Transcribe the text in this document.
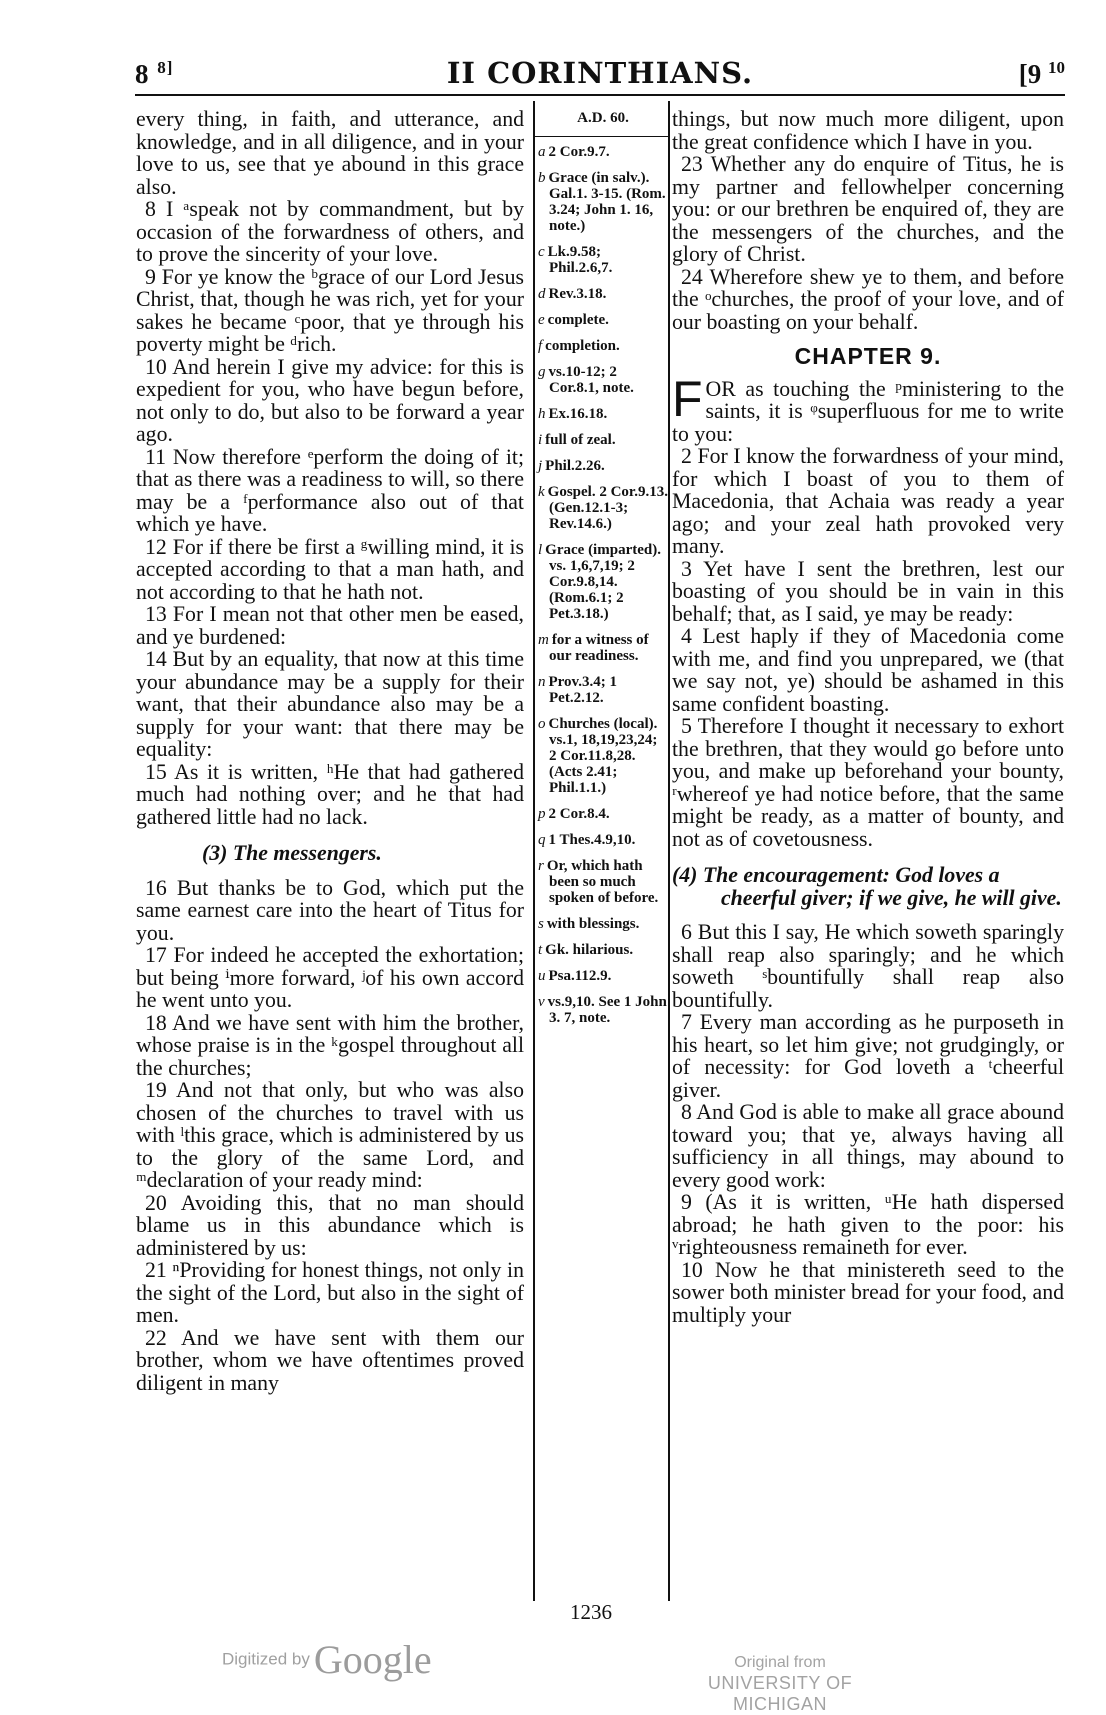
8 $^{8]}$	II CORINTHIANS.	[9 $^{10}$

every thing, in faith, and utterance, and knowledge, and in all diligence, and in your love to us, see that ye abound in this grace also.

8 I ᵃspeak not by commandment, but by occasion of the forwardness of others, and to prove the sincerity of your love.

9 For ye know the ᵇgrace of our Lord Jesus Christ, that, though he was rich, yet for your sakes he became ᶜpoor, that ye through his poverty might be ᵈrich.

10 And herein I give my advice: for this is expedient for you, who have begun before, not only to do, but also to be forward a year ago.

11 Now therefore ᵉperform the doing of it; that as there was a readiness to will, so there may be a ᶠperformance also out of that which ye have.

12 For if there be first a ᵍwilling mind, it is accepted according to that a man hath, and not according to that he hath not.

13 For I mean not that other men be eased, and ye burdened:

14 But by an equality, that now at this time your abundance may be a supply for their want, that their abundance also may be a supply for your want: that there may be equality:

15 As it is written, ʰHe that had gathered much had nothing over; and he that had gathered little had no lack.

(3) The messengers.

16 But thanks be to God, which put the same earnest care into the heart of Titus for you.

17 For indeed he accepted the exhortation; but being ⁱmore forward, ʲof his own accord he went unto you.

18 And we have sent with him the brother, whose praise is in the ᵏgospel throughout all the churches;

19 And not that only, but who was also chosen of the churches to travel with us with ˡthis grace, which is administered by us to the glory of the same Lord, and ᵐdeclaration of your ready mind:

20 Avoiding this, that no man should blame us in this abundance which is administered by us:

21 ⁿProviding for honest things, not only in the sight of the Lord, but also in the sight of men.

22 And we have sent with them our brother, whom we have oftentimes proved diligent in many

A.D. 60.
a 2 Cor.9.7.
b Grace (in salv.). Gal.1. 3-15. (Rom. 3.24; John 1. 16, note.)
c Lk.9.58; Phil.2.6,7.
d Rev.3.18.
e complete.
f completion.
g vs.10-12; 2 Cor.8.1, note.
h Ex.16.18.
i full of zeal.
j Phil.2.26.
k Gospel. 2 Cor.9.13. (Gen.12.1-3; Rev.14.6.)
l Grace (imparted). vs. 1,6,7,19; 2 Cor.9.8,14. (Rom.6.1; 2 Pet.3.18.)
m for a witness of our readiness.
n Prov.3.4; 1 Pet.2.12.
o Churches (local). vs.1, 18,19,23,24; 2 Cor.11.8,28. (Acts 2.41; Phil.1.1.)
p 2 Cor.8.4.
q 1 Thes.4.9,10.
r Or, which hath been so much spoken of before.
s with blessings.
t Gk. hilarious.
u Psa.112.9.
v vs.9,10. See 1 John 3. 7, note.

things, but now much more diligent, upon the great confidence which I have in you.

23 Whether any do enquire of Titus, he is my partner and fellowhelper concerning you: or our brethren be enquired of, they are the messengers of the churches, and the glory of Christ.

24 Wherefore shew ye to them, and before the ᵒchurches, the proof of your love, and of our boasting on your behalf.

CHAPTER 9.

FOR as touching the ᵖministering to the saints, it is ᵠsuperfluous for me to write to you:

2 For I know the forwardness of your mind, for which I boast of you to them of Macedonia, that Achaia was ready a year ago; and your zeal hath provoked very many.

3 Yet have I sent the brethren, lest our boasting of you should be in vain in this behalf; that, as I said, ye may be ready:

4 Lest haply if they of Macedonia come with me, and find you unprepared, we (that we say not, ye) should be ashamed in this same confident boasting.

5 Therefore I thought it necessary to exhort the brethren, that they would go before unto you, and make up beforehand your bounty, ʳwhereof ye had notice before, that the same might be ready, as a matter of bounty, and not as of covetousness.

(4) The encouragement: God loves a cheerful giver; if we give, he will give.

6 But this I say, He which soweth sparingly shall reap also sparingly; and he which soweth ˢbountifully shall reap also bountifully.

7 Every man according as he purposeth in his heart, so let him give; not grudgingly, or of necessity: for God loveth a ᵗcheerful giver.

8 And God is able to make all grace abound toward you; that ye, always having all sufficiency in all things, may abound to every good work:

9 (As it is written, ᵘHe hath dispersed abroad; he hath given to the poor: his ᵛrighteousness remaineth for ever.

10 Now he that ministereth seed to the sower both minister bread for your food, and multiply your

1236
Digitized by Google	Original from
UNIVERSITY OF MICHIGAN
